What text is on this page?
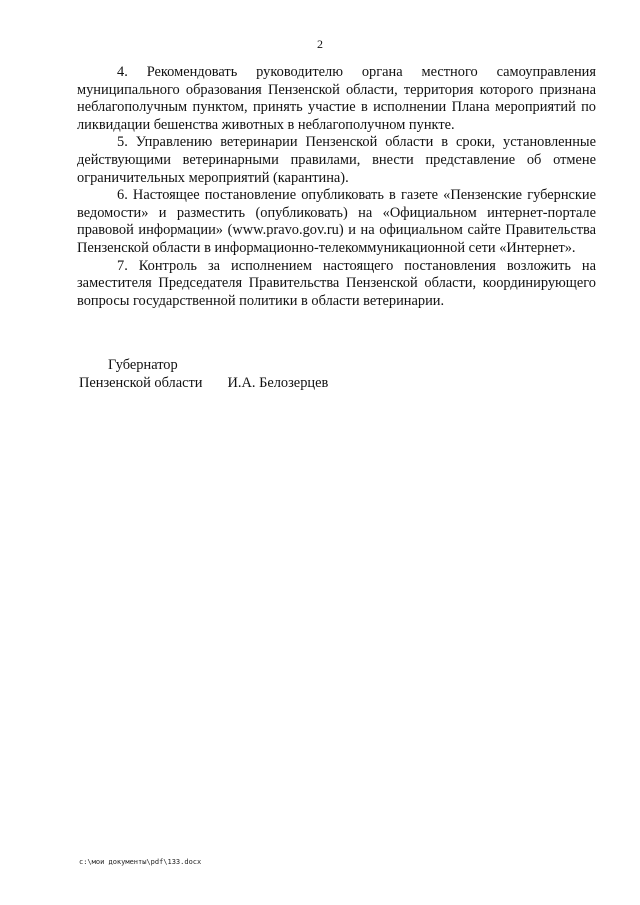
2

4. Рекомендовать руководителю органа местного самоуправления муниципального образования Пензенской области, территория которого признана неблагополучным пунктом, принять участие в исполнении Плана мероприятий по ликвидации бешенства животных в неблагополучном пункте.

5. Управлению ветеринарии Пензенской области в сроки, установленные действующими ветеринарными правилами, внести представление об отмене ограничительных мероприятий (карантина).

6. Настоящее постановление опубликовать в газете «Пензенские губернские ведомости» и разместить (опубликовать) на «Официальном интернет-портале правовой информации» (www.pravo.gov.ru) и на официальном сайте Правительства Пензенской области в информационно-телекоммуникационной сети «Интернет».

7. Контроль за исполнением настоящего постановления возложить на заместителя Председателя Правительства Пензенской области, координирующего вопросы государственной политики в области ветеринарии.

Губернатор
Пензенской области И.А. Белозерцев
c:\мои документы\pdf\133.docx
